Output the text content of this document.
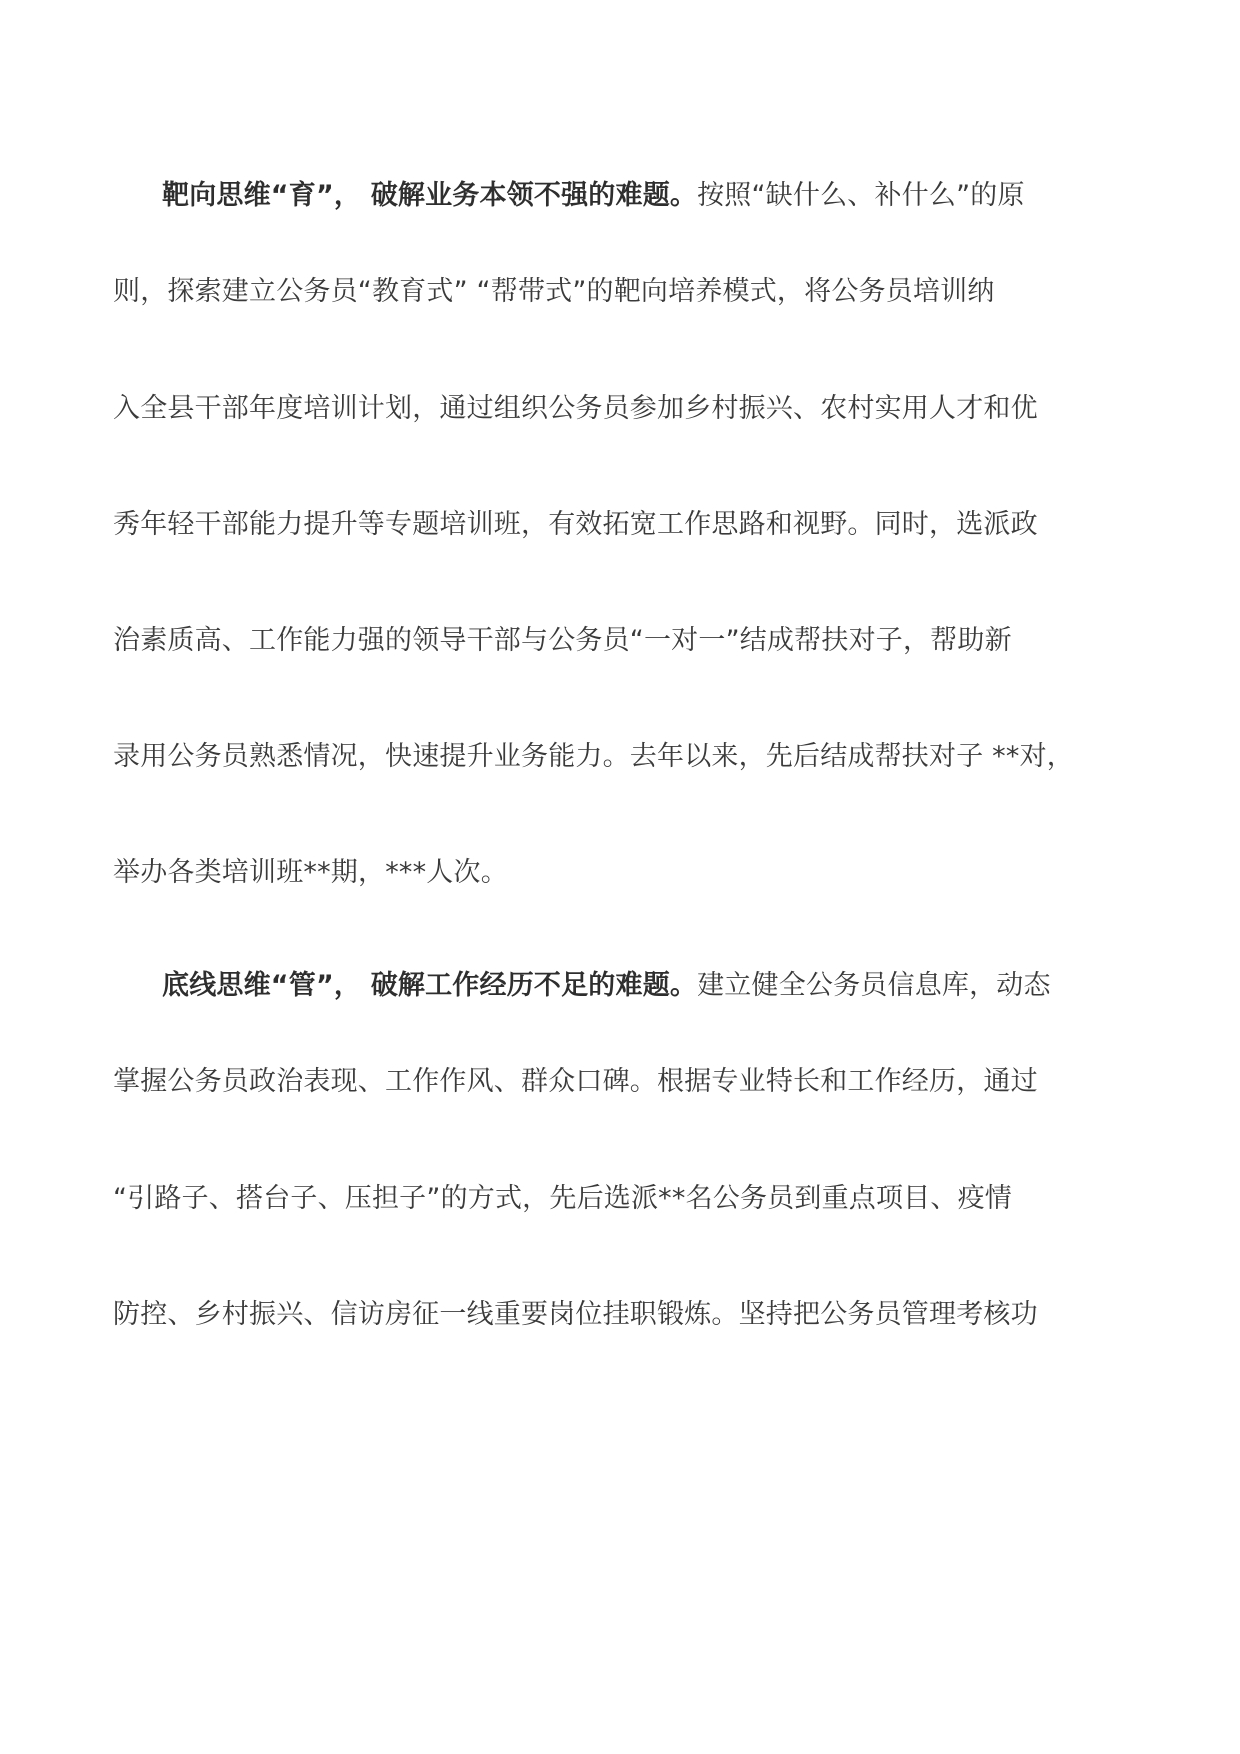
靶向思维“育”， 破解业务本领不强的难题。按照“缺什么、补什么”的原
则，探索建立公务员“教育式” “帮带式”的靶向培养模式，将公务员培训纳
入全县干部年度培训计划，通过组织公务员参加乡村振兴、农村实用人才和优
秀年轻干部能力提升等专题培训班，有效拓宽工作思路和视野。同时，选派政
治素质高、工作能力强的领导干部与公务员“一对一”结成帮扶对子，帮助新
录用公务员熟悉情况，快速提升业务能力。去年以来，先后结成帮扶对子 **对，
举办各类培训班**期，***人次。
底线思维“管”， 破解工作经历不足的难题。建立健全公务员信息库，动态
掌握公务员政治表现、工作作风、群众口碑。根据专业特长和工作经历，通过
“引路子、搭台子、压担子”的方式，先后选派**名公务员到重点项目、疫情
防控、乡村振兴、信访房征一线重要岗位挂职锻炼。坚持把公务员管理考核功
